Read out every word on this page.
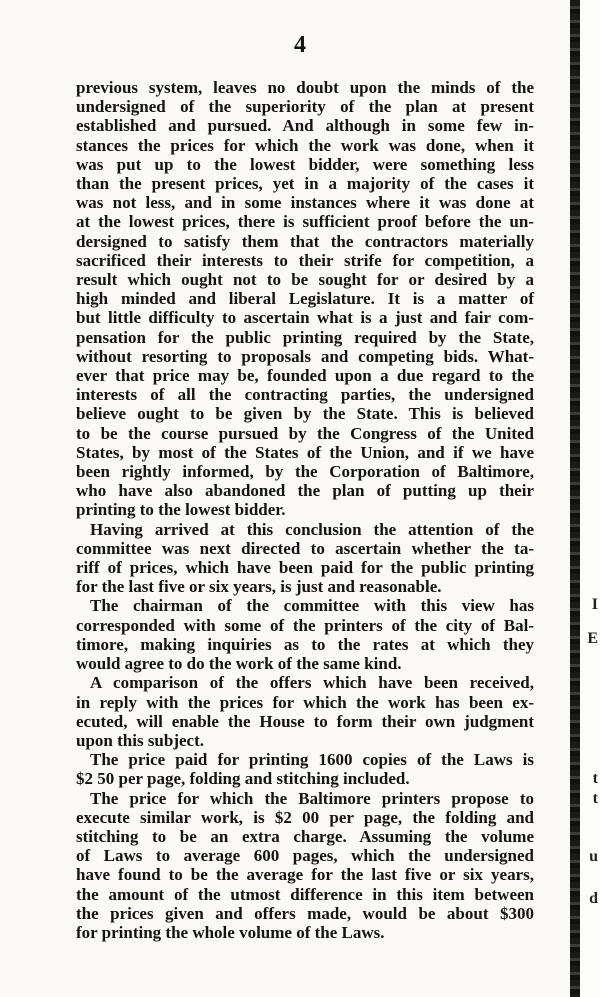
4
previous system, leaves no doubt upon the minds of the
undersigned of the superiority of the plan at present
established and pursued. And although in some few in-
stances the prices for which the work was done, when it
was put up to the lowest bidder, were something less
than the present prices, yet in a majority of the cases it
was not less, and in some instances where it was done at
at the lowest prices, there is sufficient proof before the un-
dersigned to satisfy them that the contractors materially
sacrificed their interests to their strife for competition, a
result which ought not to be sought for or desired by a
high minded and liberal Legislature. It is a matter of
but little difficulty to ascertain what is a just and fair com-
pensation for the public printing required by the State,
without resorting to proposals and competing bids. What-
ever that price may be, founded upon a due regard to the
interests of all the contracting parties, the undersigned
believe ought to be given by the State. This is believed
to be the course pursued by the Congress of the United
States, by most of the States of the Union, and if we have
been rightly informed, by the Corporation of Baltimore,
who have also abandoned the plan of putting up their
printing to the lowest bidder.
Having arrived at this conclusion the attention of the
committee was next directed to ascertain whether the ta-
riff of prices, which have been paid for the public printing
for the last five or six years, is just and reasonable.
The chairman of the committee with this view has
corresponded with some of the printers of the city of Bal-
timore, making inquiries as to the rates at which they
would agree to do the work of the same kind.
A comparison of the offers which have been received,
in reply with the prices for which the work has been ex-
ecuted, will enable the House to form their own judgment
upon this subject.
The price paid for printing 1600 copies of the Laws is
$2 50 per page, folding and stitching included.
The price for which the Baltimore printers propose to
execute similar work, is $2 00 per page, the folding and
stitching to be an extra charge. Assuming the volume
of Laws to average 600 pages, which the undersigned
have found to be the average for the last five or six years,
the amount of the utmost difference in this item between
the prices given and offers made, would be about $300
for printing the whole volume of the Laws.
I
E
t
t
u
d
